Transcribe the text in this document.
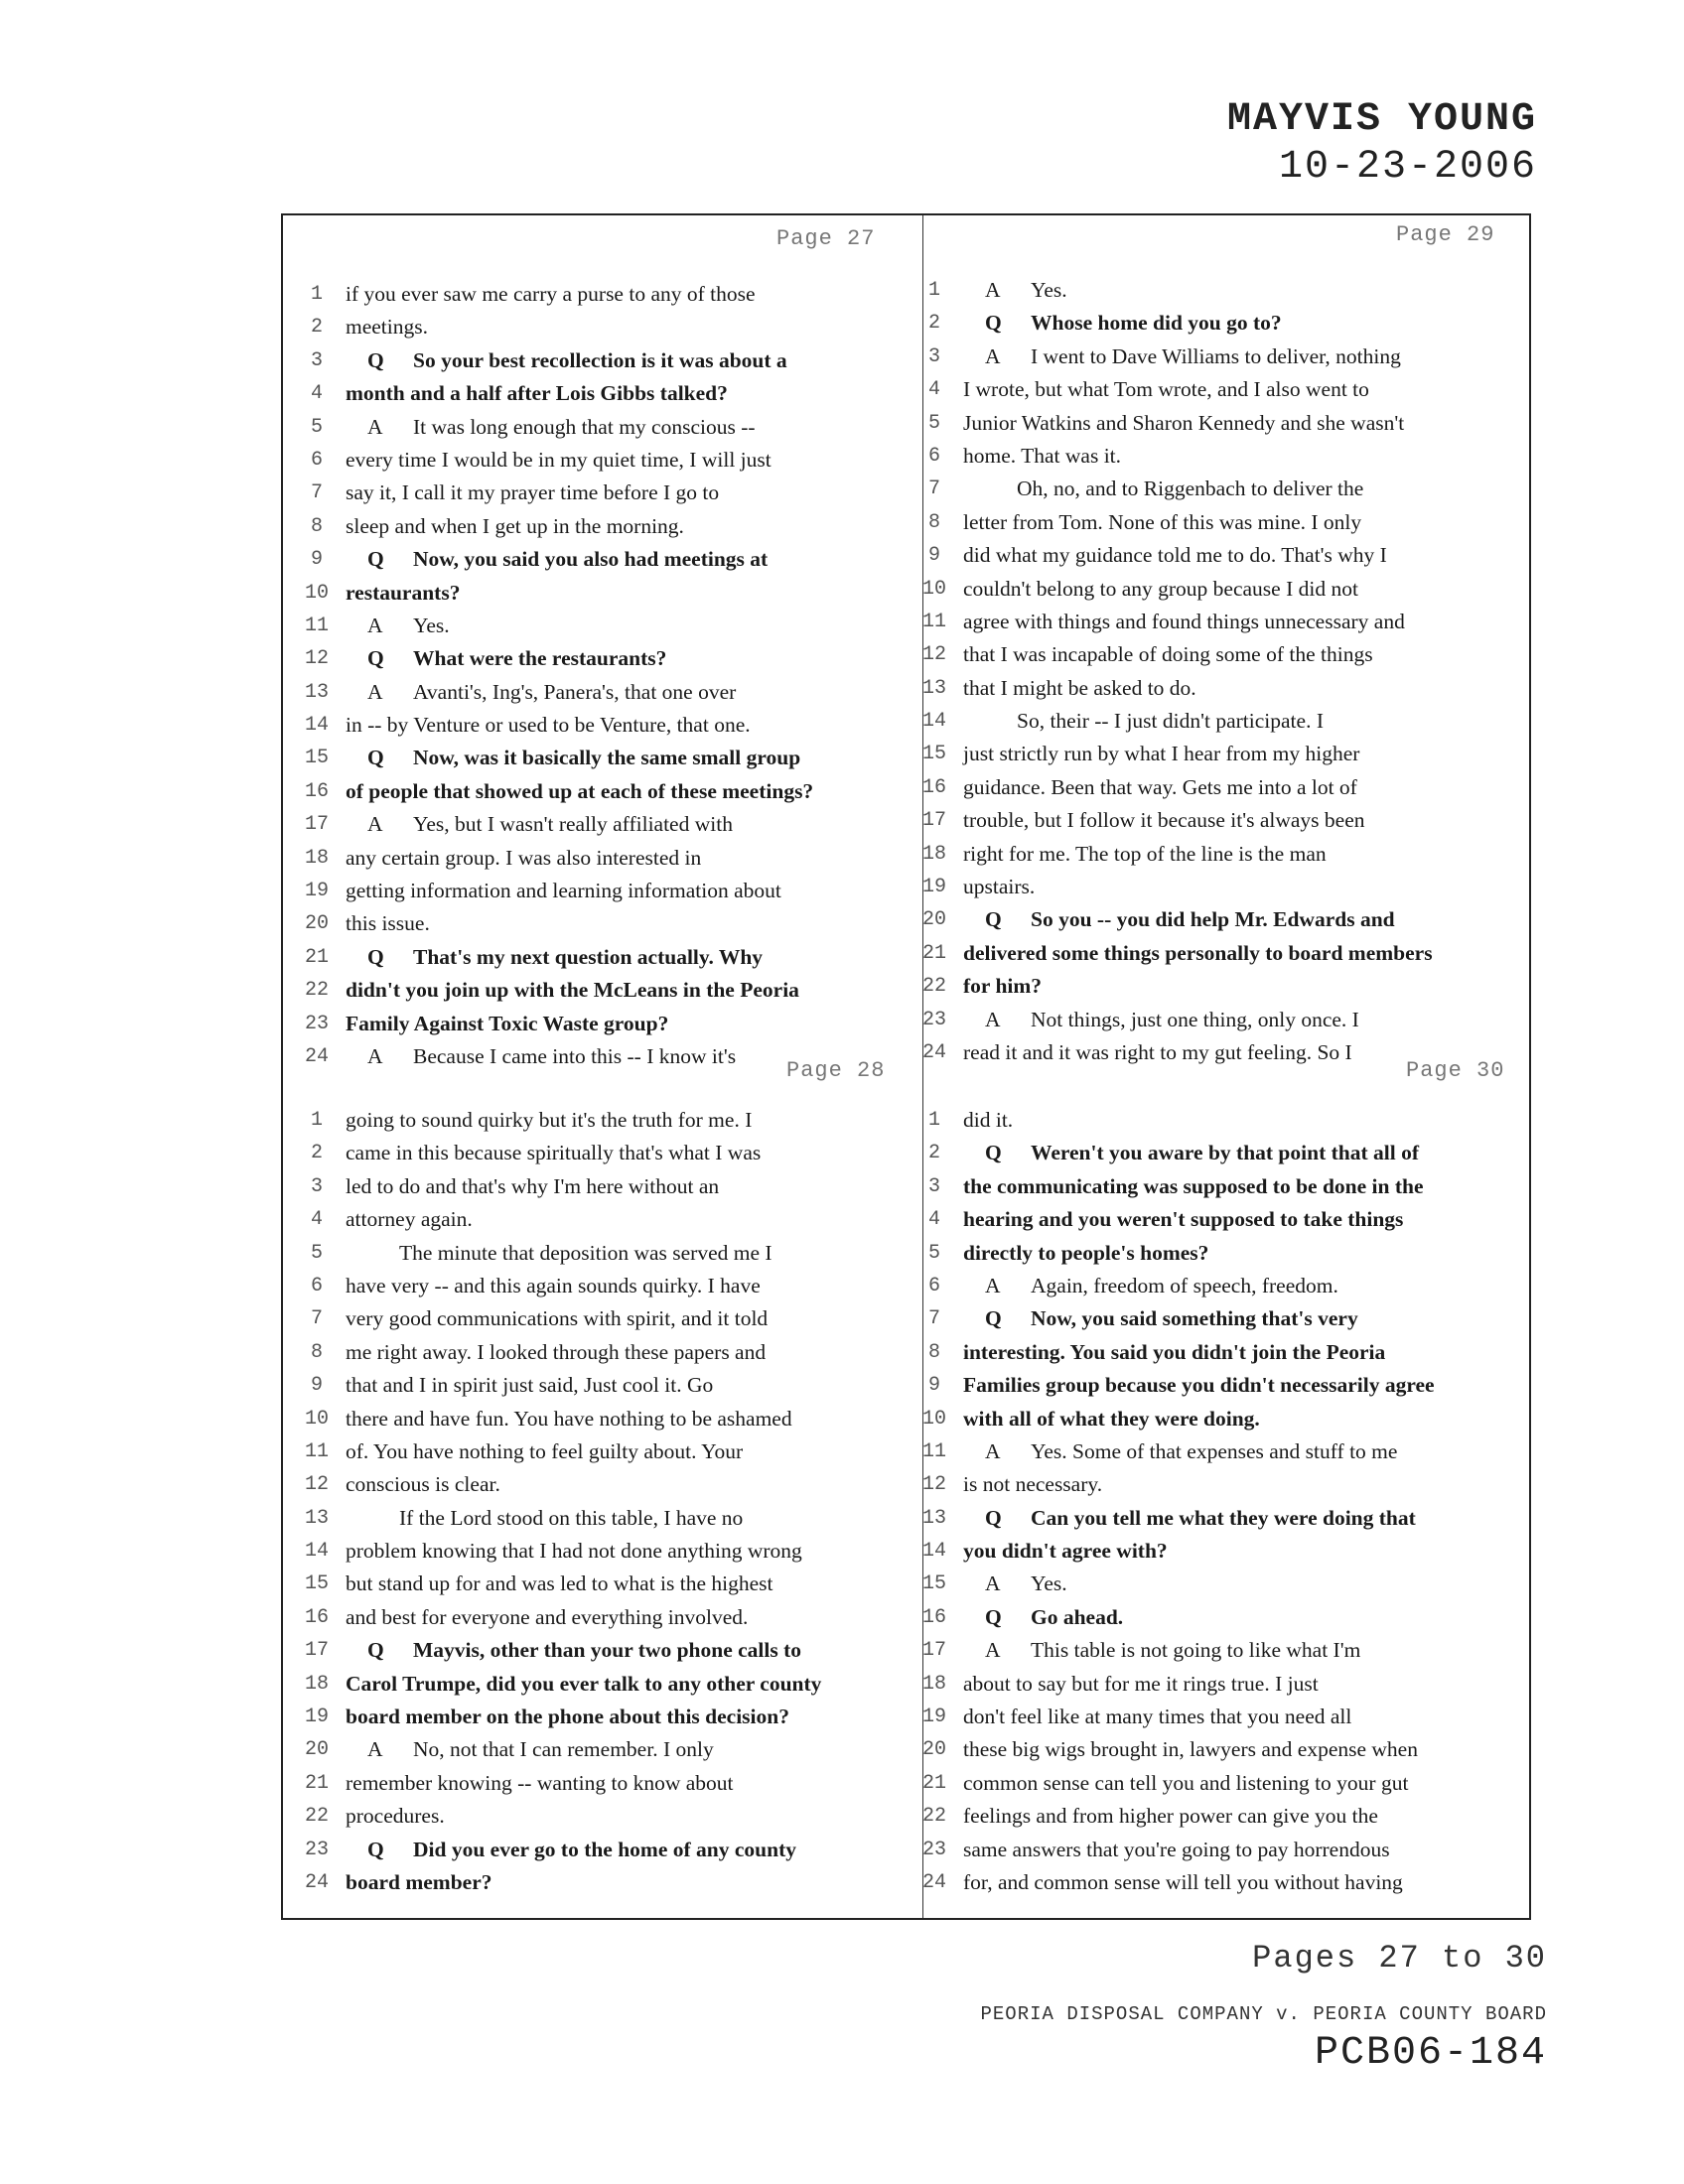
MAYVIS YOUNG

10-23-2006

Page 27
1	if you ever saw me carry a purse to any of those
2	meetings.
3	Q So your best recollection is it was about a
4	month and a half after Lois Gibbs talked?
5	A It was long enough that my conscious --
6	every time I would be in my quiet time, I will just
7	say it, I call it my prayer time before I go to
8	sleep and when I get up in the morning.
9	Q Now, you said you also had meetings at
10 restaurants?
11 A Yes.
12 Q What were the restaurants?
13 A Avanti's, Ing's, Panera's, that one over
14 in -- by Venture or used to be Venture, that one.
15 Q Now, was it basically the same small group
16 of people that showed up at each of these meetings?
17 A Yes, but I wasn't really affiliated with
18 any certain group. I was also interested in
19 getting information and learning information about
20 this issue.
21 Q That's my next question actually. Why
22 didn't you join up with the McLeans in the Peoria
23 Family Against Toxic Waste group?
24 A Because I came into this -- I know it's
Page 29
1	A Yes.
2	Q Whose home did you go to?
3	A I went to Dave Williams to deliver, nothing
4	I wrote, but what Tom wrote, and I also went to
5	Junior Watkins and Sharon Kennedy and she wasn't
6	home. That was it.
7	Oh, no, and to Riggenbach to deliver the
8	letter from Tom. None of this was mine. I only
9	did what my guidance told me to do. That's why I
10 couldn't belong to any group because I did not
11 agree with things and found things unnecessary and
12 that I was incapable of doing some of the things
13 that I might be asked to do.
14	So, their -- I just didn't participate. I
15 just strictly run by what I hear from my higher
16 guidance. Been that way. Gets me into a lot of
17 trouble, but I follow it because it's always been
18 right for me. The top of the line is the man
19 upstairs.
20 Q So you -- you did help Mr. Edwards and
21 delivered some things personally to board members
22 for him?
23 A Not things, just one thing, only once. I
24 read it and it was right to my gut feeling. So I
Page 28
1	going to sound quirky but it's the truth for me. I
2	came in this because spiritually that's what I was
3	led to do and that's why I'm here without an
4	attorney again.
5	The minute that deposition was served me I
6	have very -- and this again sounds quirky. I have
7	very good communications with spirit, and it told
8	me right away. I looked through these papers and
9	that and I in spirit just said, Just cool it. Go
10 there and have fun. You have nothing to be ashamed
11 of. You have nothing to feel guilty about. Your
12 conscious is clear.
13	If the Lord stood on this table, I have no
14 problem knowing that I had not done anything wrong
15 but stand up for and was led to what is the highest
16 and best for everyone and everything involved.
17 Q Mayvis, other than your two phone calls to
18 Carol Trumpe, did you ever talk to any other county
19 board member on the phone about this decision?
20 A No, not that I can remember. I only
21 remember knowing -- wanting to know about
22 procedures.
23 Q Did you ever go to the home of any county
24 board member?
Page 30
1	did it.
2	Q Weren't you aware by that point that all of
3	the communicating was supposed to be done in the
4	hearing and you weren't supposed to take things
5	directly to people's homes?
6	A Again, freedom of speech, freedom.
7	Q Now, you said something that's very
8	interesting. You said you didn't join the Peoria
9	Families group because you didn't necessarily agree
10 with all of what they were doing.
11 A Yes. Some of that expenses and stuff to me
12 is not necessary.
13 Q Can you tell me what they were doing that
14 you didn't agree with?
15 A Yes.
16 Q Go ahead.
17 A This table is not going to like what I'm
18 about to say but for me it rings true. I just
19 don't feel like at many times that you need all
20 these big wigs brought in, lawyers and expense when
21 common sense can tell you and listening to your gut
22 feelings and from higher power can give you the
23 same answers that you're going to pay horrendous
24 for, and common sense will tell you without having

Pages 27 to 30

PEORIA DISPOSAL COMPANY v. PEORIA COUNTY BOARD

PCB06-184
